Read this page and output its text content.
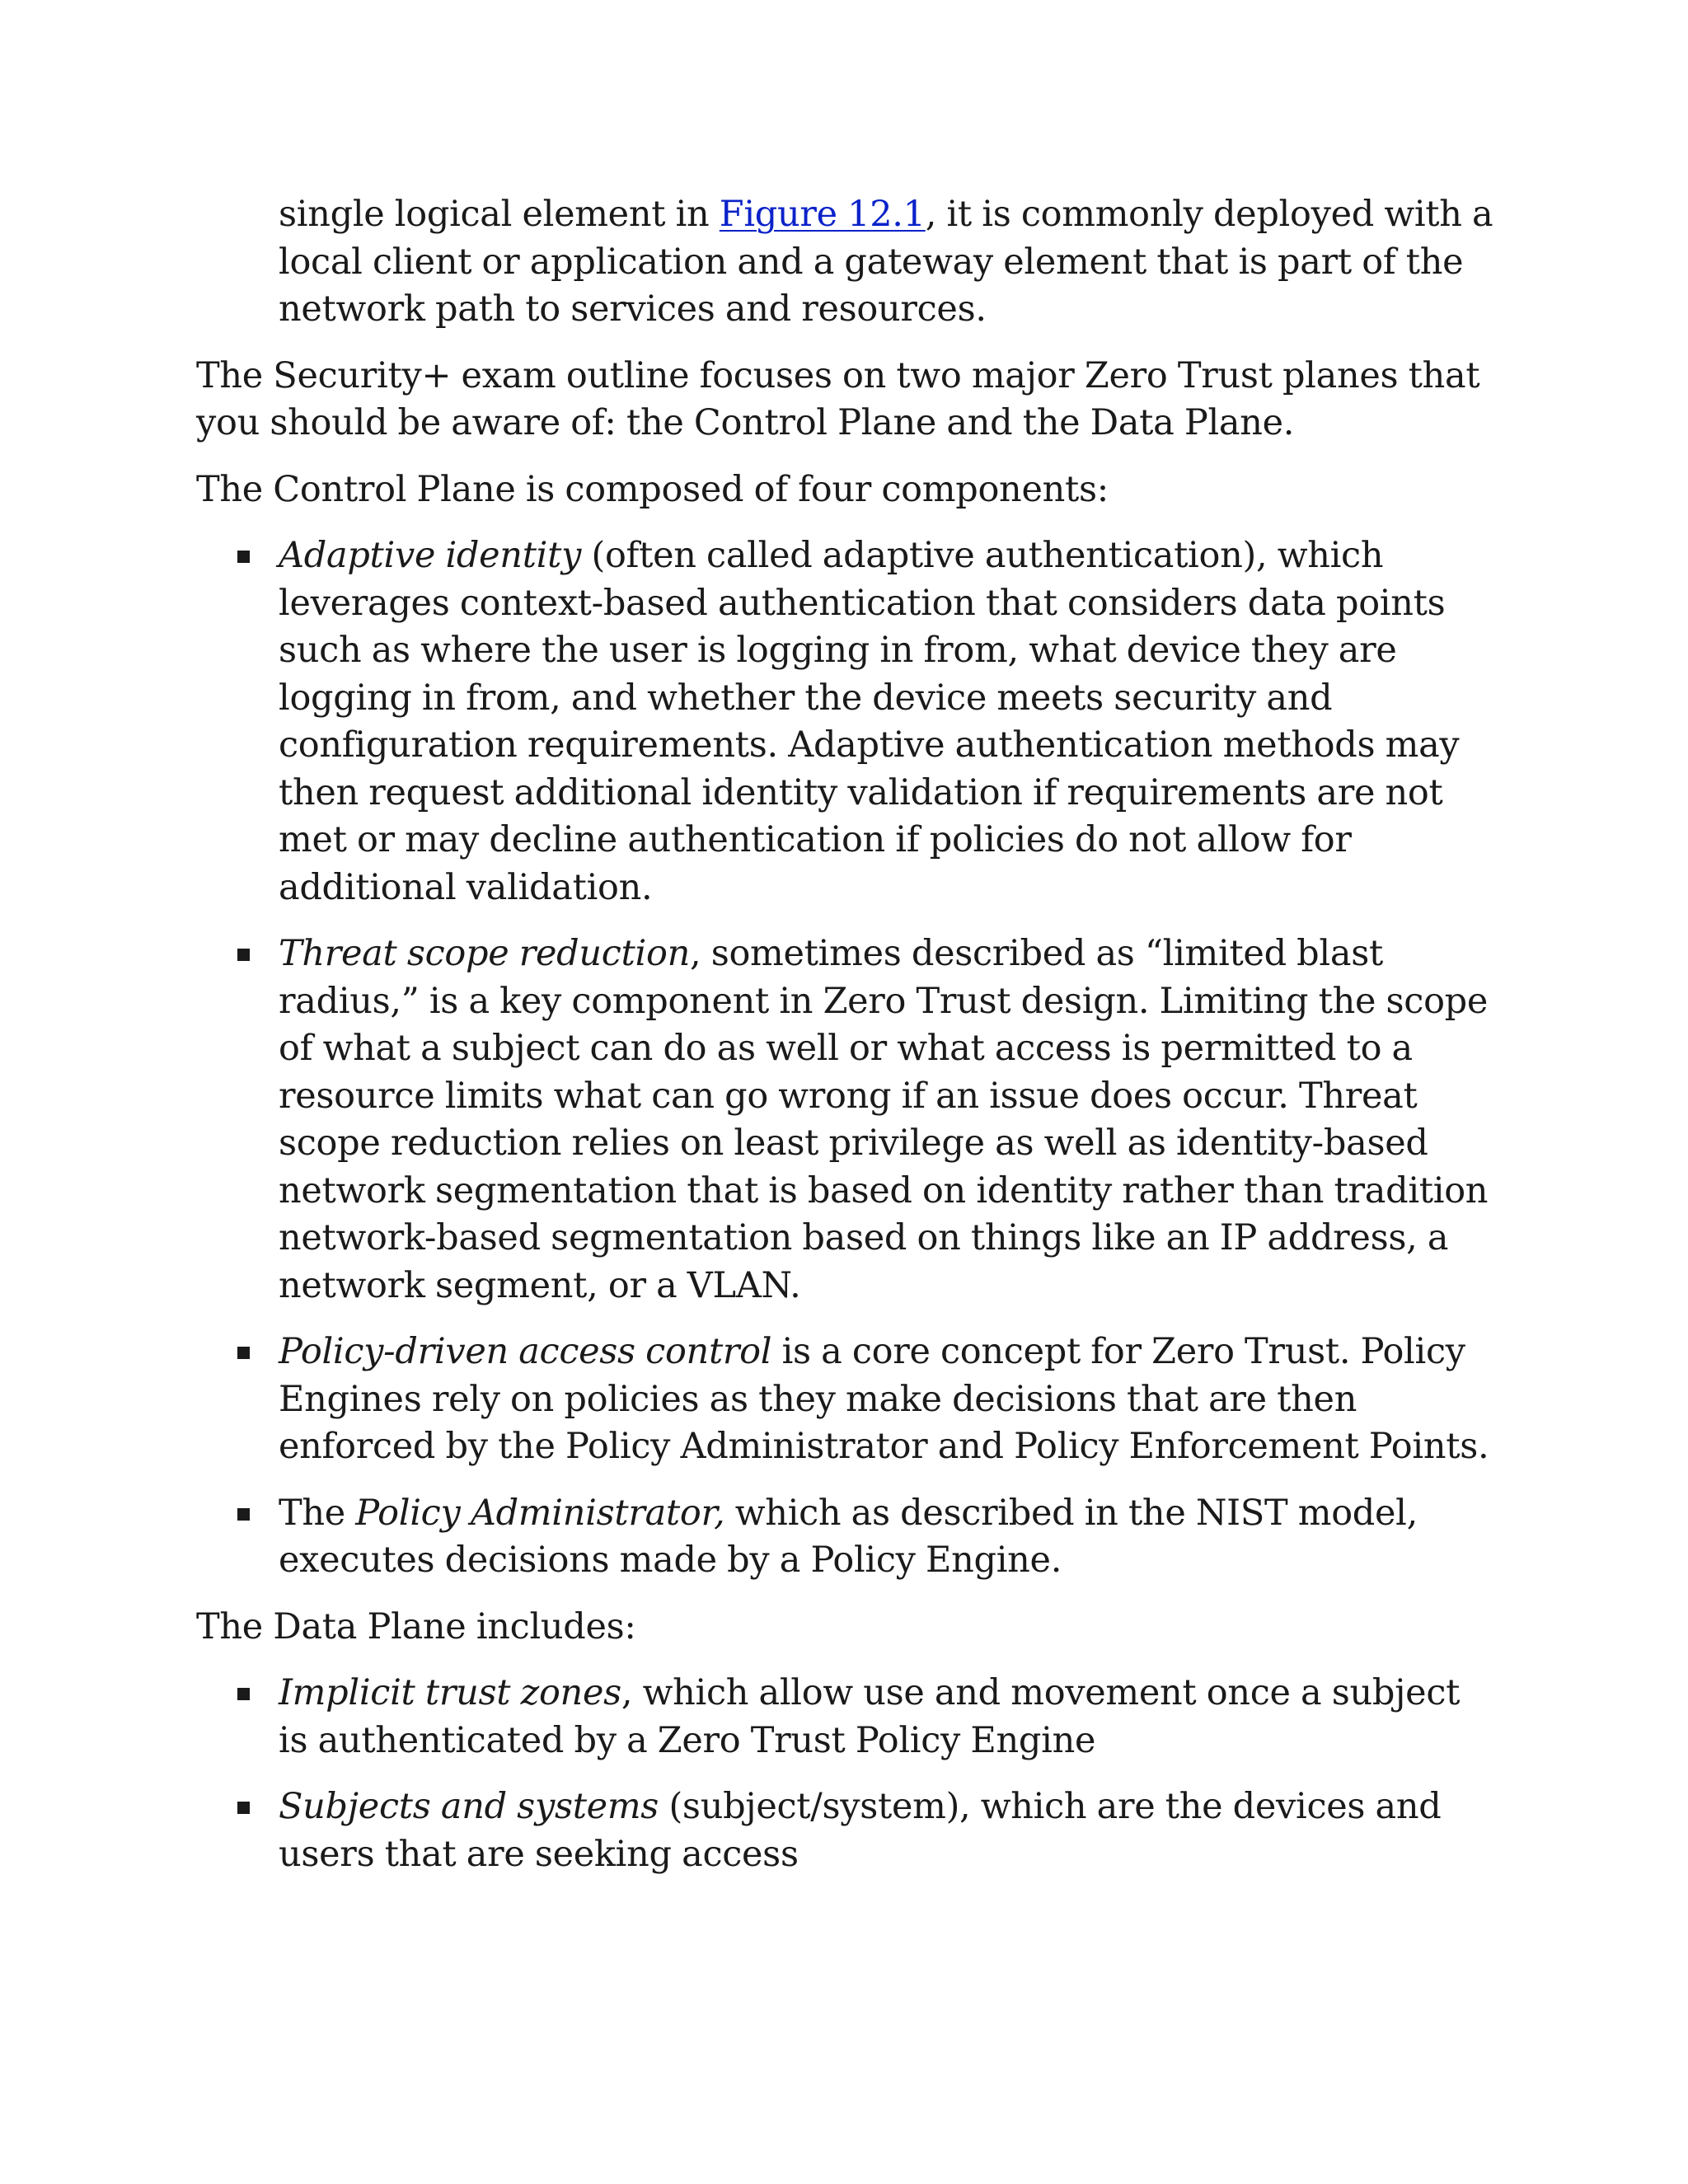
single logical element in Figure 12.1, it is commonly deployed with a local client or application and a gateway element that is part of the network path to services and resources.

The Security+ exam outline focuses on two major Zero Trust planes that you should be aware of: the Control Plane and the Data Plane.

The Control Plane is composed of four components:

Adaptive identity (often called adaptive authentication), which leverages context-based authentication that considers data points such as where the user is logging in from, what device they are logging in from, and whether the device meets security and configuration requirements. Adaptive authentication methods may then request additional identity validation if requirements are not met or may decline authentication if policies do not allow for additional validation.
Threat scope reduction, sometimes described as “limited blast radius,” is a key component in Zero Trust design. Limiting the scope of what a subject can do as well or what access is permitted to a resource limits what can go wrong if an issue does occur. Threat scope reduction relies on least privilege as well as identity-based network segmentation that is based on identity rather than tradition network-based segmentation based on things like an IP address, a network segment, or a VLAN.
Policy-driven access control is a core concept for Zero Trust. Policy Engines rely on policies as they make decisions that are then enforced by the Policy Administrator and Policy Enforcement Points.
The Policy Administrator, which as described in the NIST model, executes decisions made by a Policy Engine.

The Data Plane includes:

Implicit trust zones, which allow use and movement once a subject is authenticated by a Zero Trust Policy Engine
Subjects and systems (subject/system), which are the devices and users that are seeking access
